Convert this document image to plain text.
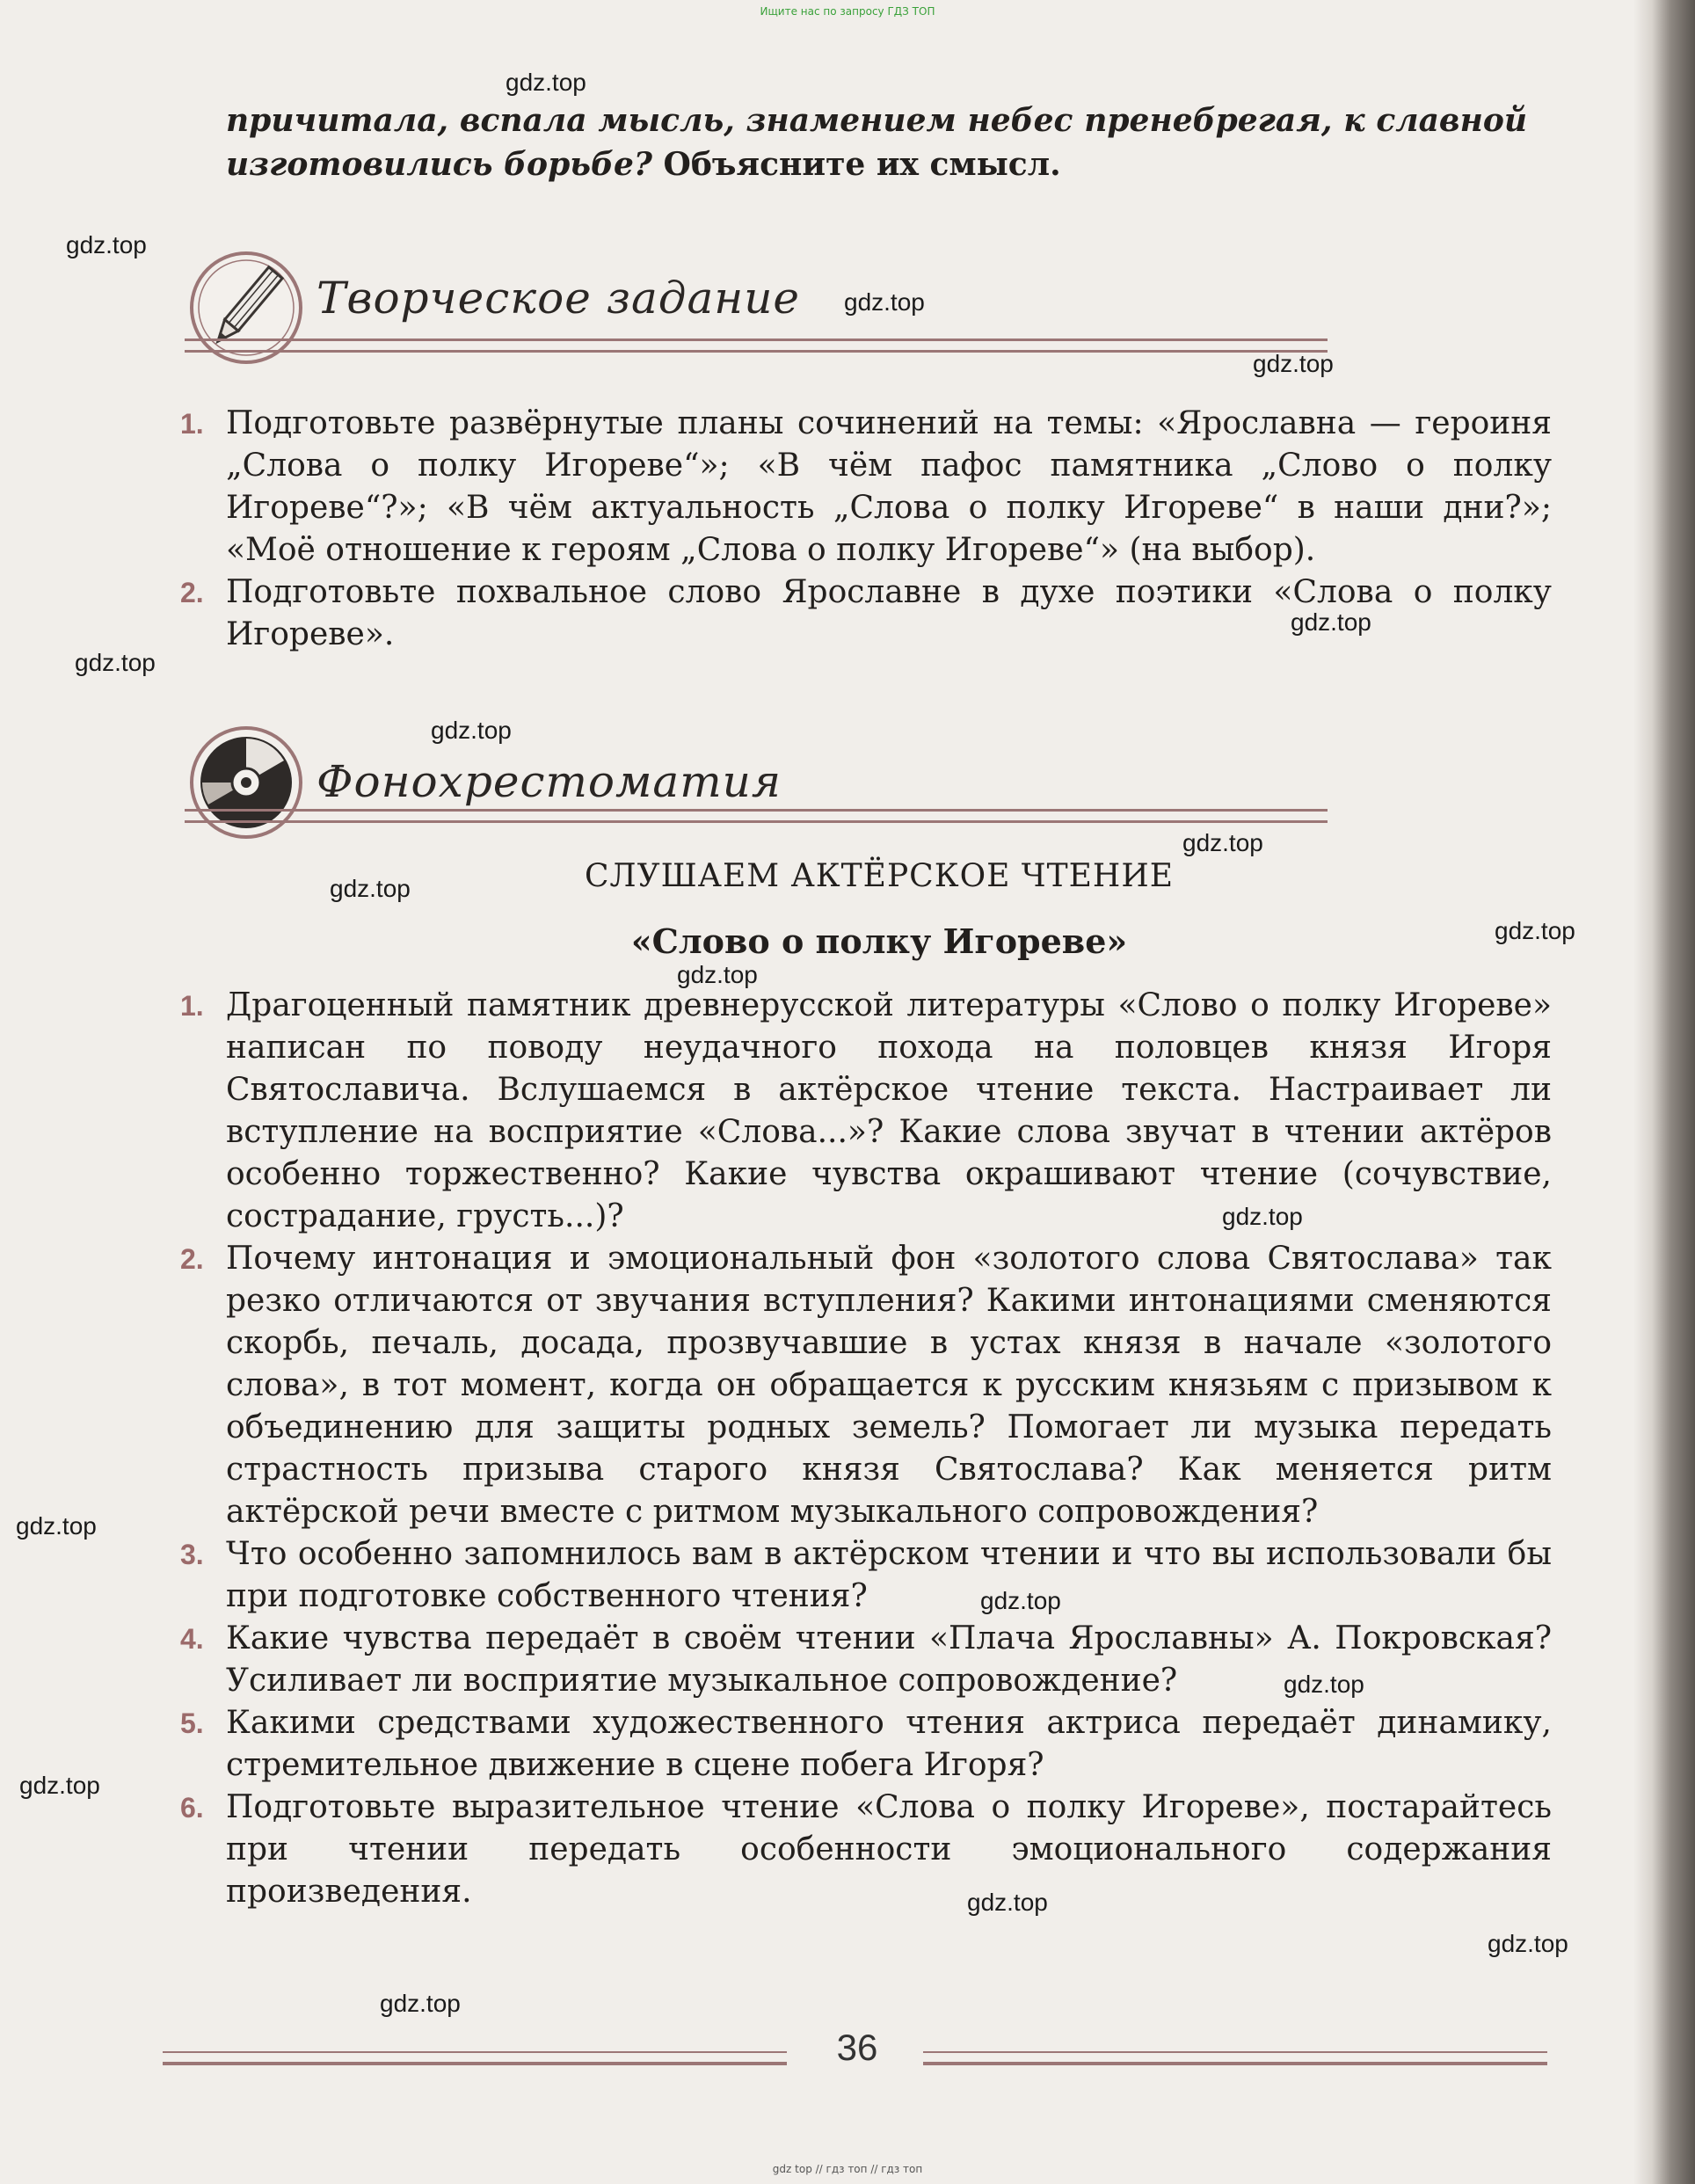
Ищите нас по запросу ГДЗ ТОП
gdz.top
gdz.top
gdz.top
gdz.top
gdz.top
gdz.top
gdz.top
gdz.top
gdz.top
gdz.top
gdz.top
gdz.top
gdz.top
gdz.top
gdz.top
gdz.top
gdz.top
gdz.top
gdz.top
причитала, вспала мысль, знамением небес пренебрегая, к славной изготовились борьбе? Объясните их смысл.
Творческое задание
1. Подготовьте развёрнутые планы сочинений на темы: «Ярославна — героиня „Слова о полку Игореве“»; «В чём пафос памятника „Слово о полку Игореве“?»; «В чём актуальность „Слова о полку Игореве“ в наши дни?»; «Моё отношение к героям „Слова о полку Игореве“» (на выбор).
2. Подготовьте похвальное слово Ярославне в духе поэтики «Слова о полку Игореве».
Фонохрестоматия
СЛУШАЕМ АКТЁРСКОЕ ЧТЕНИЕ
«Слово о полку Игореве»
1. Драгоценный памятник древнерусской литературы «Слово о полку Игореве» написан по поводу неудачного похода на половцев князя Игоря Святославича. Вслушаемся в актёрское чтение текста. Настраивает ли вступление на восприятие «Слова...»? Какие слова звучат в чтении актёров особенно торжественно? Какие чувства окрашивают чтение (сочувствие, сострадание, грусть...)?
2. Почему интонация и эмоциональный фон «золотого слова Святослава» так резко отличаются от звучания вступления? Какими интонациями сменяются скорбь, печаль, досада, прозвучавшие в устах князя в начале «золотого слова», в тот момент, когда он обращается к русским князьям с призывом к объединению для защиты родных земель? Помогает ли музыка передать страстность призыва старого князя Святослава? Как меняется ритм актёрской речи вместе с ритмом музыкального сопровождения?
3. Что особенно запомнилось вам в актёрском чтении и что вы использовали бы при подготовке собственного чтения?
4. Какие чувства передаёт в своём чтении «Плача Ярославны» А. Покровская? Усиливает ли восприятие музыкальное сопровождение?
5. Какими средствами художественного чтения актриса передаёт динамику, стремительное движение в сцене побега Игоря?
6. Подготовьте выразительное чтение «Слова о полку Игореве», постарайтесь при чтении передать особенности эмоционального содержания произведения.
36
gdz top // гдз топ // гдз топ
